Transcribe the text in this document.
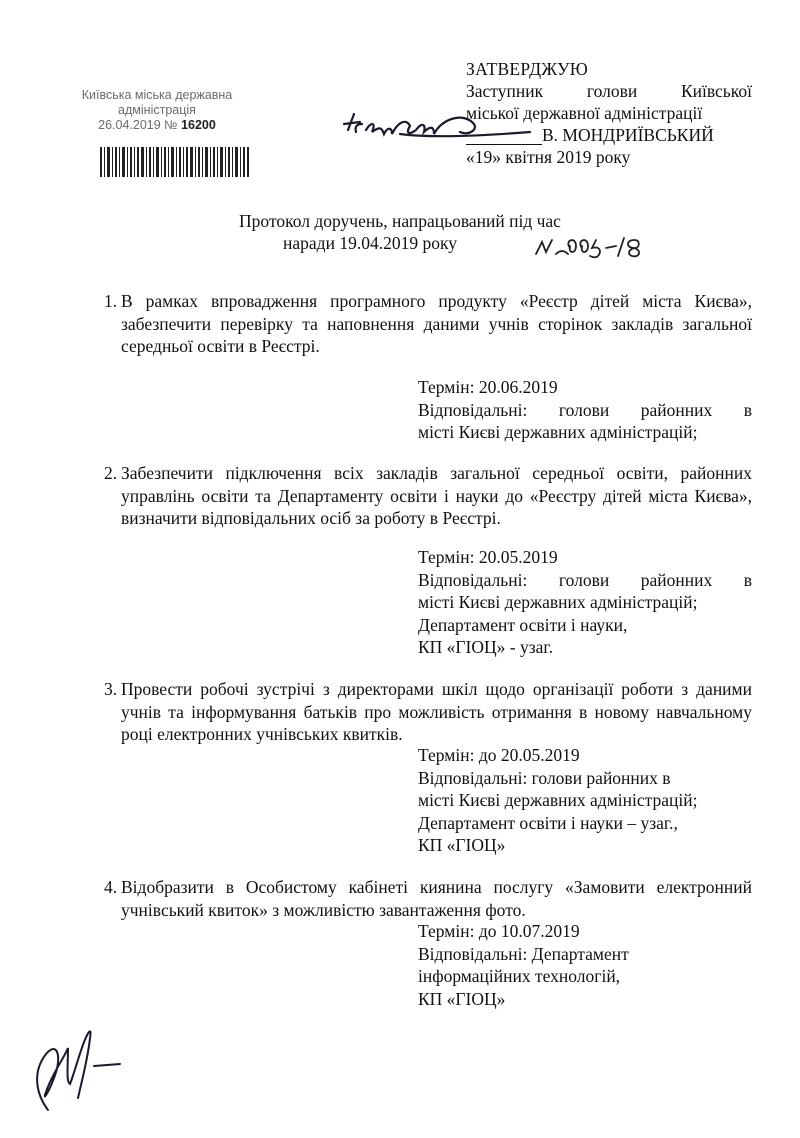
Київська міська державна
адміністрація
26.04.2019 № 16200
ЗАТВЕРДЖУЮ
Заступник	голови	Київської
міської державної адміністрації
В. МОНДРИЇВСЬКИЙ
«19» квітня 2019 року
Протокол доручень, напрацьований під час
наради 19.04.2019 року
1. В рамках впровадження програмного продукту «Реєстр дітей міста Києва», забезпечити перевірку та наповнення даними учнів сторінок закладів загальної середньої освіти в Реєстрі.
Термін: 20.06.2019
Відповідальні: голови районних в
місті Києві державних адміністрацій;
2. Забезпечити підключення всіх закладів загальної середньої освіти, районних управлінь освіти та Департаменту освіти і науки до «Реєстру дітей міста Києва», визначити відповідальних осіб за роботу в Реєстрі.
Термін: 20.05.2019
Відповідальні: голови районних в
місті Києві державних адміністрацій;
Департамент освіти і науки,
КП «ГІОЦ» - узаг.
3. Провести робочі зустрічі з директорами шкіл щодо організації роботи з даними учнів та інформування батьків про можливість отримання в новому навчальному році електронних учнівських квитків.
Термін: до 20.05.2019
Відповідальні: голови районних в
місті Києві державних адміністрацій;
Департамент освіти і науки – узаг.,
КП «ГІОЦ»
4. Відобразити в Особистому кабінеті киянина послугу «Замовити електронний учнівський квиток» з можливістю завантаження фото.
Термін: до 10.07.2019
Відповідальні: Департамент
інформаційних технологій,
КП «ГІОЦ»
